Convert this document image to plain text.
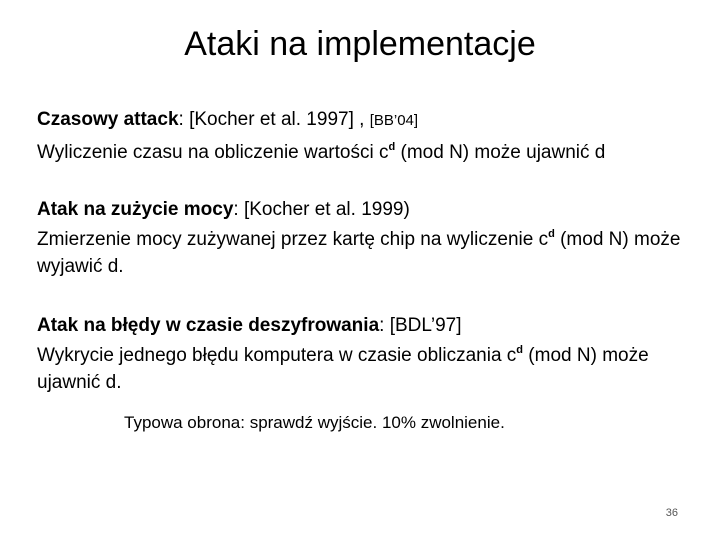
Ataki na implementacje
Czasowy attack: [Kocher et al. 1997] , [BB’04]
Wyliczenie czasu na obliczenie wartości $c^d$ (mod N) może ujawnić d
Atak na zużycie mocy: [Kocher et al. 1999)
Zmierzenie mocy zużywanej przez kartę chip na wyliczenie $c^d$ (mod N) może wyjawić d.
Atak na błędy w czasie deszyfrowania: [BDL’97]
Wykrycie jednego błędu komputera w czasie obliczania $c^d$ (mod N) może ujawnić d.
Typowa obrona: sprawdź wyjście. 10% zwolnienie.
36
